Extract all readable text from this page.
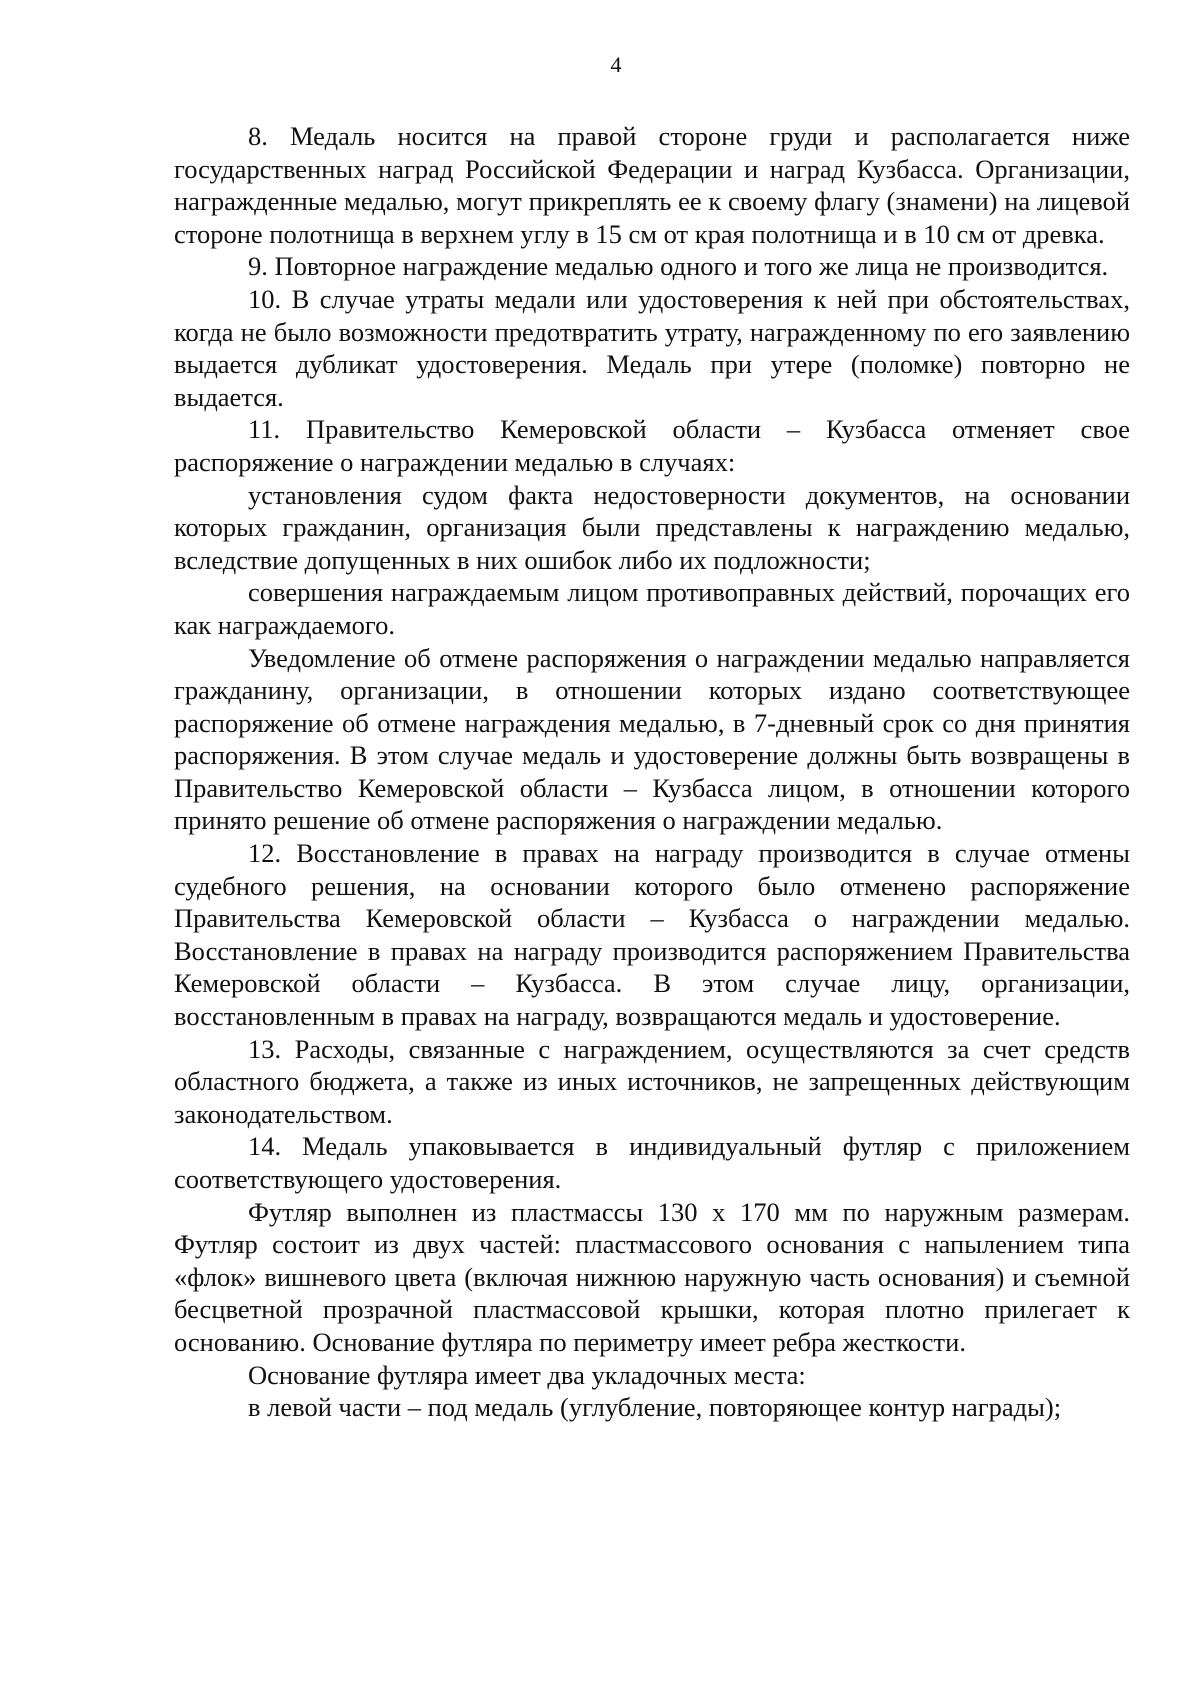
4

8. Медаль носится на правой стороне груди и располагается ниже государственных наград Российской Федерации и наград Кузбасса. Организации, награжденные медалью, могут прикреплять ее к своему флагу (знамени) на лицевой стороне полотнища в верхнем углу в 15 см от края полотнища и в 10 см от древка.

9. Повторное награждение медалью одного и того же лица не производится.

10. В случае утраты медали или удостоверения к ней при обстоятельствах, когда не было возможности предотвратить утрату, награжденному по его заявлению выдается дубликат удостоверения. Медаль при утере (поломке) повторно не выдается.

11. Правительство Кемеровской области – Кузбасса отменяет свое распоряжение о награждении медалью в случаях:

установления судом факта недостоверности документов, на основании которых гражданин, организация были представлены к награждению медалью, вследствие допущенных в них ошибок либо их подложности;

совершения награждаемым лицом противоправных действий, порочащих его как награждаемого.

Уведомление об отмене распоряжения о награждении медалью направляется гражданину, организации, в отношении которых издано соответствующее распоряжение об отмене награждения медалью, в 7-дневный срок со дня принятия распоряжения. В этом случае медаль и удостоверение должны быть возвращены в Правительство Кемеровской области – Кузбасса лицом, в отношении которого принято решение об отмене распоряжения о награждении медалью.

12. Восстановление в правах на награду производится в случае отмены судебного решения, на основании которого было отменено распоряжение Правительства Кемеровской области – Кузбасса о награждении медалью. Восстановление в правах на награду производится распоряжением Правительства Кемеровской области – Кузбасса. В этом случае лицу, организации, восстановленным в правах на награду, возвращаются медаль и удостоверение.

13. Расходы, связанные с награждением, осуществляются за счет средств областного бюджета, а также из иных источников, не запрещенных действующим законодательством.

14. Медаль упаковывается в индивидуальный футляр с приложением соответствующего удостоверения.

Футляр выполнен из пластмассы 130 х 170 мм по наружным размерам. Футляр состоит из двух частей: пластмассового основания с напылением типа «флок» вишневого цвета (включая нижнюю наружную часть основания) и съемной бесцветной прозрачной пластмассовой крышки, которая плотно прилегает к основанию. Основание футляра по периметру имеет ребра жесткости.

Основание футляра имеет два укладочных места:

в левой части – под медаль (углубление, повторяющее контур награды);
